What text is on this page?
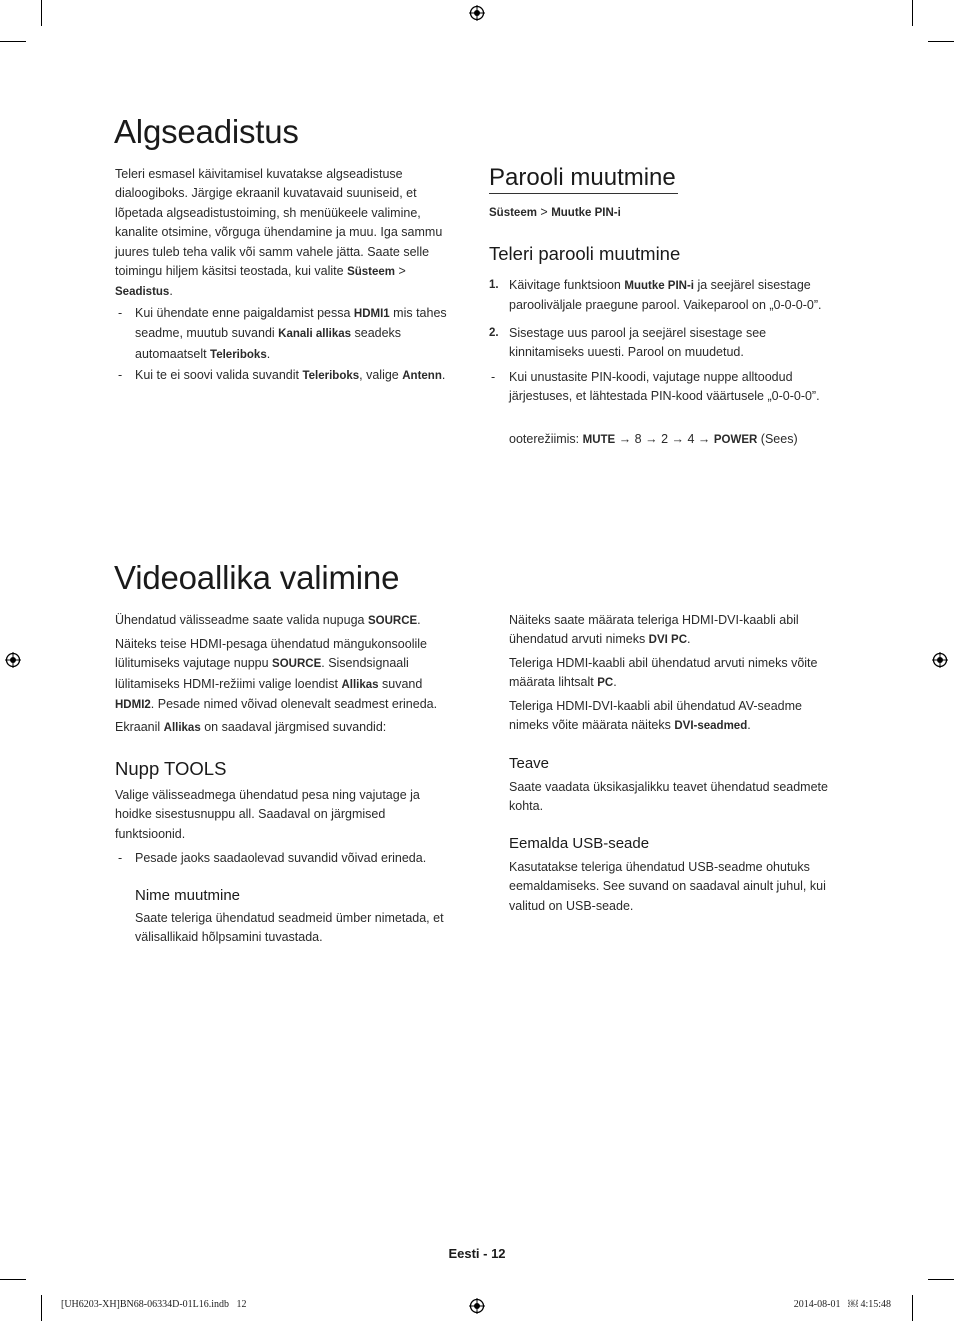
Algseadistus

Teleri esmasel käivitamisel kuvatakse algseadistuse dialoogiboks. Järgige ekraanil kuvatavaid suuniseid, et lõpetada algseadistustoiming, sh menüükeele valimine, kanalite otsimine, võrguga ühendamine ja muu. Iga sammu juures tuleb teha valik või samm vahele jätta. Saate selle toimingu hiljem käsitsi teostada, kui valite Süsteem > Seadistus.

- Kui ühendate enne paigaldamist pessa HDMI1 mis tahes seadme, muutub suvandi Kanali allikas seadeks automaatselt Teleriboks.

- Kui te ei soovi valida suvandit Teleriboks, valige Antenn.

Parooli muutmine

Süsteem > Muutke PIN-i

Teleri parooli muutmine
1. Käivitage funktsioon Muutke PIN-i ja seejärel sisestage parooliväljale praegune parool. Vaikeparool on „0-0-0-0”.

2. Sisestage uus parool ja seejärel sisestage see kinnitamiseks uuesti. Parool on muudetud.

- Kui unustasite PIN-koodi, vajutage nuppe alltoodud järjestuses, et lähtestada PIN-kood väärtusele „0-0-0-0”.

ooterežiimis: MUTE → 8 → 2 → 4 → POWER (Sees)

Videoallika valimine

Ühendatud välisseadme saate valida nupuga SOURCE.

Näiteks teise HDMI-pesaga ühendatud mängukonsoolile lülitumiseks vajutage nuppu SOURCE. Sisendsignaali lülitamiseks HDMI-režiimi valige loendist Allikas suvand HDMI2. Pesade nimed võivad olenevalt seadmest erineda.

Ekraanil Allikas on saadaval järgmised suvandid:

Nupp TOOLS

Valige välisseadmega ühendatud pesa ning vajutage ja hoidke sisestusnuppu all. Saadaval on järgmised funktsioonid.

- Pesade jaoks saadaolevad suvandid võivad erineda.

Nime muutmine

Saate teleriga ühendatud seadmeid ümber nimetada, et välisallikaid hõlpsamini tuvastada.

Näiteks saate määrata teleriga HDMI-DVI-kaabli abil ühendatud arvuti nimeks DVI PC.

Teleriga HDMI-kaabli abil ühendatud arvuti nimeks võite määrata lihtsalt PC.

Teleriga HDMI-DVI-kaabli abil ühendatud AV-seadme nimeks võite määrata näiteks DVI-seadmed.

Teave

Saate vaadata üksikasjalikku teavet ühendatud seadmete kohta.

Eemalda USB-seade

Kasutatakse teleriga ühendatud USB-seadme ohutuks eemaldamiseks. See suvand on saadaval ainult juhul, kui valitud on USB-seade.

Eesti - 12
[UH6203-XH]BN68-06334D-01L16.indb   12	2014-08-01   ￼ 4:15:48
